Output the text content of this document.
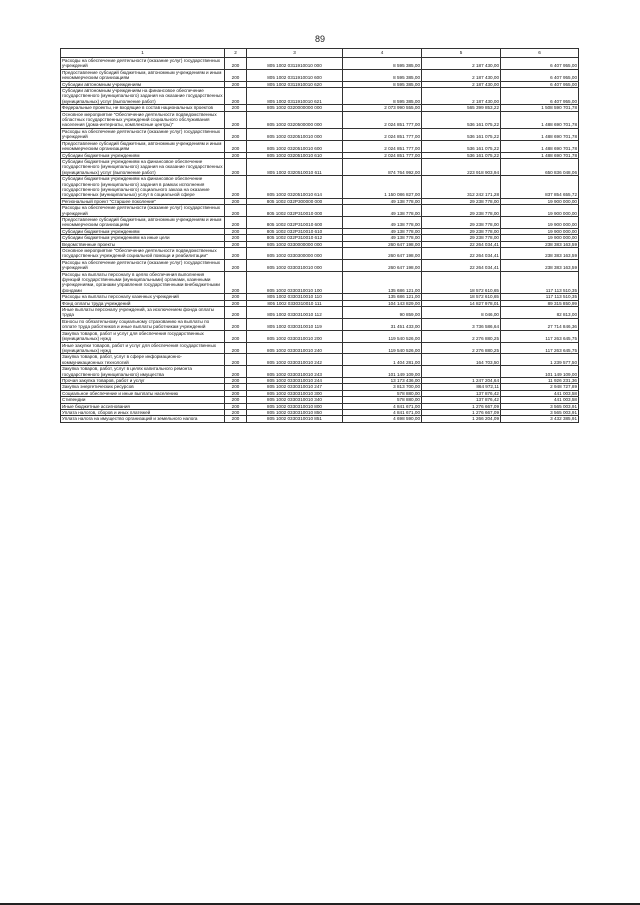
89
1	2	3	4	5	6
Расходы на обеспечение деятельности (оказание услуг) государственных учреждений	200	805 1002 0311910010 000	8 595 385,00	2 187 430,00	6 407 955,00
Предоставление субсидий бюджетным, автономным учреждениям и иным некоммерческим организациям	200	805 1002 0311910010 600	8 595 385,00	2 187 430,00	6 407 955,00
Субсидии автономным учреждениям	200	805 1002 0311910010 620	8 595 385,00	2 187 430,00	6 407 955,00
Субсидии автономным учреждениям на финансовое обеспечение государственного (муниципального) задания на оказание государственных (муниципальных) услуг (выполнение работ)	200	805 1002 0311910010 621	8 595 385,00	2 187 430,00	6 407 955,00
Федеральные проекты, не входящие в состав национальных проектов	200	805 1002 0320000000 000	2 073 990 555,00	565 399 853,22	1 508 590 701,78
Основное мероприятие "Обеспечение деятельности подведомственных областных государственных учреждений социального обслуживания населения (дома-интернаты, комплексные центры)"	200	805 1002 0320500000 000	2 024 851 777,00	536 161 075,22	1 488 690 701,78
Расходы на обеспечение деятельности (оказание услуг) государственных учреждений	200	805 1002 0320510010 000	2 024 851 777,00	536 161 075,22	1 488 690 701,78
Предоставление субсидий бюджетным, автономным учреждениям и иным некоммерческим организациям	200	805 1002 0320510010 600	2 024 851 777,00	536 161 075,22	1 488 690 701,78
Субсидии бюджетным учреждениям	200	805 1002 0320510010 610	2 024 851 777,00	536 161 075,22	1 488 690 701,78
Субсидии бюджетным учреждениям на финансовое обеспечение государственного (муниципального) задания на оказание государственных (муниципальных) услуг (выполнение работ)	200	805 1002 0320510010 611	874 764 992,00	223 918 903,94	650 836 048,06
Субсидии бюджетным учреждениям на финансовое обеспечение государственного (муниципального) задания в рамках исполнения государственного (муниципального) социального заказа на оказание государственных (муниципальных) услуг в социальной сфере	200	805 1002 0320510010 614	1 150 086 827,00	312 242 171,28	837 854 655,72
Региональный проект "Старшее поколение"	200	805 1002 032P300000 000	49 138 778,00	29 238 778,00	19 900 000,00
Расходы на обеспечение деятельности (оказание услуг) государственных учреждений	200	805 1002 032P310010 000	49 138 778,00	29 238 778,00	19 900 000,00
Предоставление субсидий бюджетным, автономным учреждениям и иным некоммерческим организациям	200	805 1002 032P310010 600	49 138 778,00	29 238 778,00	19 900 000,00
Субсидии бюджетным учреждениям	200	805 1002 032P310010 610	49 138 778,00	29 238 778,00	19 900 000,00
Субсидии бюджетным учреждениям на иные цели	200	805 1002 032P310010 612	49 138 778,00	29 238 778,00	19 900 000,00
Ведомственные проекты	200	805 1002 0330000000 000	260 647 198,00	22 264 034,41	238 383 163,59
Основное мероприятие "Обеспечение деятельности подведомственных государственных учреждений социальной помощи и реабилитации"	200	805 1002 0330300000 000	260 647 198,00	22 264 034,41	238 383 163,59
Расходы на обеспечение деятельности (оказание услуг) государственных учреждений	200	805 1002 0330310010 000	260 647 198,00	22 264 034,41	238 383 163,59
Расходы на выплаты персоналу в целях обеспечения выполнения функций государственными (муниципальными) органами, казенными учреждениями, органами управления государственными внебюджетными фондами	200	805 1002 0330310010 100	135 686 121,00	18 572 610,65	117 113 510,35
Расходы на выплаты персоналу казенных учреждений	200	805 1002 0330310010 110	135 686 121,00	18 572 610,65	117 113 510,35
Фонд оплаты труда учреждений	200	805 1002 0330310010 111	104 143 829,00	14 827 978,01	89 315 850,99
Иные выплаты персоналу учреждений, за исключением фонда оплаты труда	200	805 1002 0330310010 112	90 859,00	8 046,00	82 813,00
Взносы по обязательному социальному страхованию на выплаты по оплате труда работников и иные выплаты работникам учреждений	200	805 1002 0330310010 119	31 451 433,00	3 736 586,64	27 714 846,36
Закупка товаров, работ и услуг для обеспечения государственных (муниципальных) нужд	200	805 1002 0330310010 200	119 540 526,00	2 276 880,25	117 263 645,75
Иные закупки товаров, работ и услуг для обеспечения государственных (муниципальных) нужд	200	805 1002 0330310010 240	119 540 526,00	2 276 880,25	117 263 645,75
Закупка товаров, работ, услуг в сфере информационно-коммуникационных технологий	200	805 1002 0330310010 242	1 404 281,00	164 703,50	1 239 577,50
Закупка товаров, работ, услуг в целях капитального ремонта государственного (муниципального) имущества	200	805 1002 0330310010 243	101 149 109,00		101 149 109,00
Прочая закупка товаров, работ и услуг	200	805 1002 0330310010 244	13 173 436,00	1 247 204,64	11 926 231,36
Закупка энергетических ресурсов	200	805 1002 0330310010 247	3 813 700,00	864 972,11	2 948 727,89
Социальное обеспечение и иные выплаты населению	200	805 1002 0330310010 300	578 880,00	137 876,42	441 003,58
Стипендии	200	805 1002 0330310010 340	578 880,00	137 876,42	441 003,58
Иные бюджетные ассигнования	200	805 1002 0330310010 800	4 841 671,00	1 276 667,09	3 565 003,91
Уплата налогов, сборов и иных платежей	200	805 1002 0330310010 850	4 841 671,00	1 276 667,09	3 565 003,91
Уплата налога на имущество организаций и земельного налога	200	805 1002 0330310010 851	4 698 590,00	1 266 204,09	3 432 385,91
